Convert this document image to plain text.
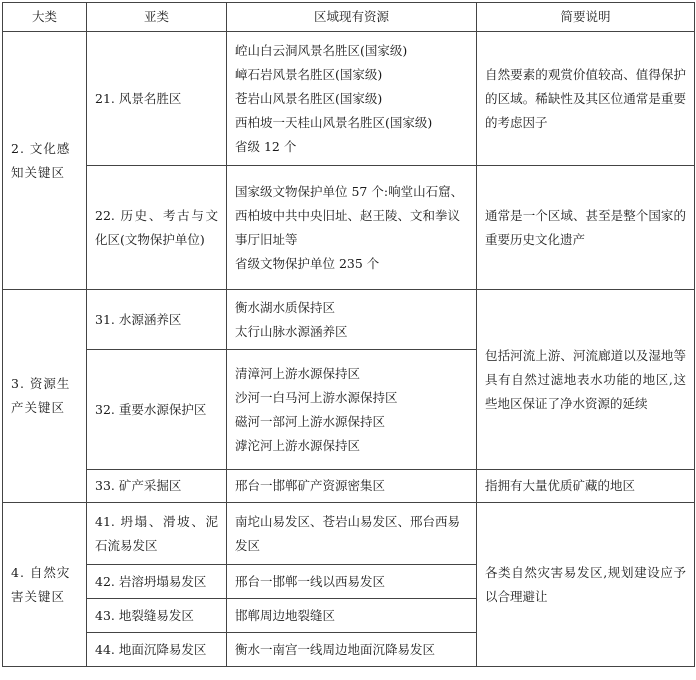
大类	亚类	区域现有资源	简要说明
2. 文化感知关键区	21. 风景名胜区	崆山白云洞风景名胜区(国家级)
嶂石岩风景名胜区(国家级)
苍岩山风景名胜区(国家级)
西柏坡一天桂山风景名胜区(国家级)
省级 12 个	自然要素的观赏价值较高、值得保护的区域。稀缺性及其区位通常是重要的考虑因子
	22. 历史、考古与文化区(文物保护单位)	国家级文物保护单位 57 个:响堂山石窟、西柏坡中共中央旧址、赵王陵、文和拳议事厅旧址等
省级文物保护单位 235 个	通常是一个区域、甚至是整个国家的重要历史文化遗产
3. 资源生产关键区	31. 水源涵养区	衡水湖水质保持区
太行山脉水源涵养区	包括河流上游、河流廊道以及湿地等具有自然过滤地表水功能的地区,这些地区保证了净水资源的延续
	32. 重要水源保护区	清漳河上游水源保持区
沙河一白马河上游水源保持区
磁河一部河上游水源保持区
滹沱河上游水源保持区	

	33. 矿产采掘区	邢台一邯郸矿产资源密集区	指拥有大量优质矿藏的地区
4. 自然灾害关键区	41. 坍塌、滑坡、泥石流易发区	南坨山易发区、苍岩山易发区、邢台西易发区	各类自然灾害易发区,规划建设应予以合理避让
	42. 岩溶坍塌易发区	邢台一邯郸一线以西易发区	

	43. 地裂缝易发区	邯郸周边地裂缝区	

	44. 地面沉降易发区	衡水一南宫一线周边地面沉降易发区	
